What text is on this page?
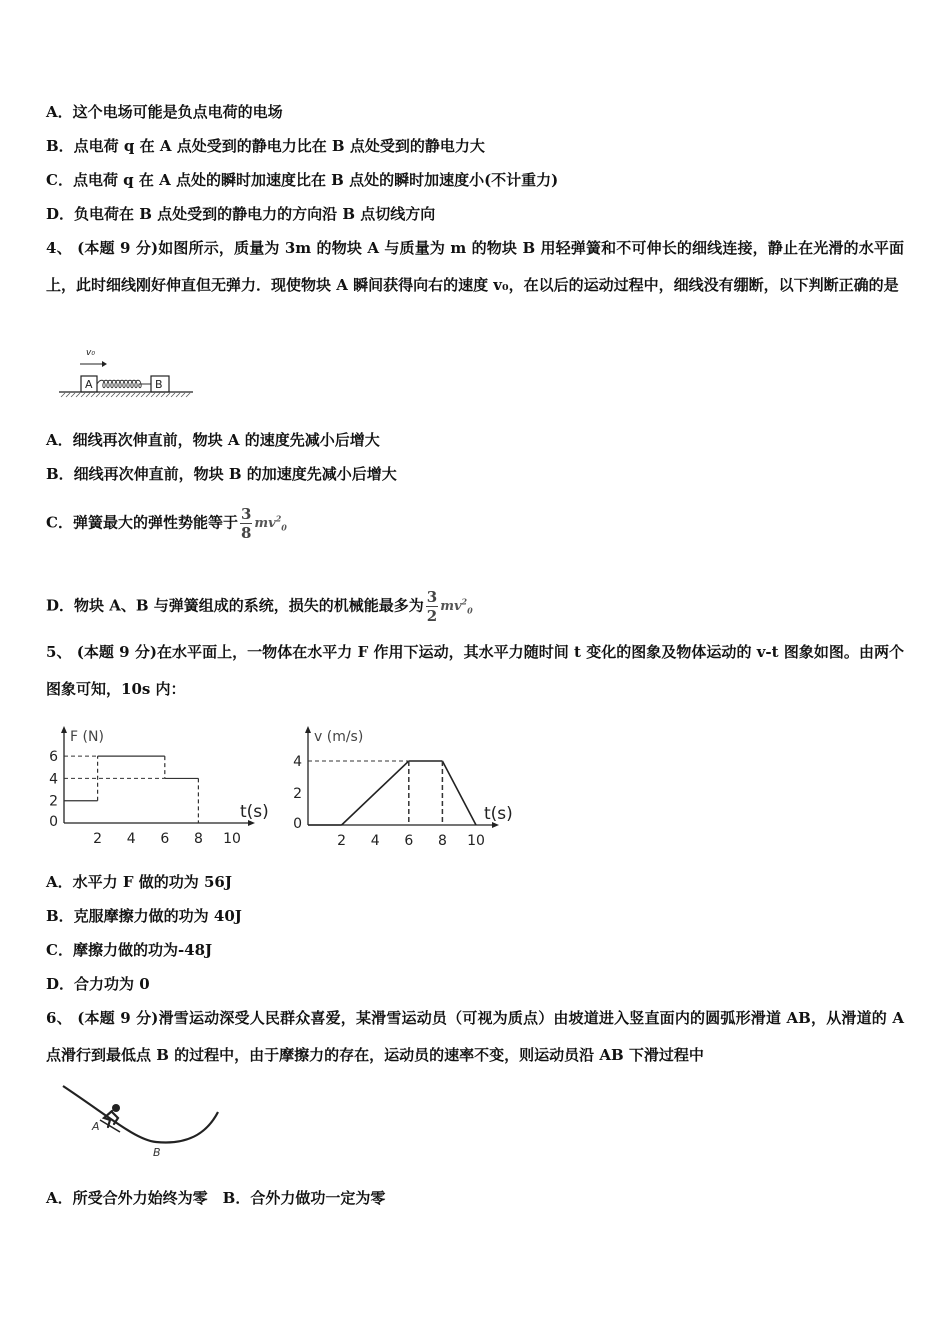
A．这个电场可能是负点电荷的电场
B．点电荷 q 在 A 点处受到的静电力比在 B 点处受到的静电力大
C．点电荷 q 在 A 点处的瞬时加速度比在 B 点处的瞬时加速度小(不计重力)
D．负电荷在 B 点处受到的静电力的方向沿 B 点切线方向
4、 (本题 9 分)如图所示，质量为 3m 的物块 A 与质量为 m 的物块 B 用轻弹簧和不可伸长的细线连接，静止在光滑的水平面上，此时细线刚好伸直但无弹力．现使物块 A 瞬间获得向右的速度 v₀，在以后的运动过程中，细线没有绷断，以下判断正确的是
v₀
A	B
A．细线再次伸直前，物块 A 的速度先减小后增大
B．细线再次伸直前，物块 B 的加速度先减小后增大
C．弹簧最大的弹性势能等于 $\frac{3}{8} mv^2_0$
D．物块 A、B 与弹簧组成的系统，损失的机械能最多为 $\frac{3}{2} mv^2_0$
5、 (本题 9 分)在水平面上，一物体在水平力 F 作用下运动，其水平力随时间 t 变化的图象及物体运动的 v-t 图象如图。由两个图象可知，10s 内：
F (N)
t(s)
2 4 6 8 10
0
2
4
6
v (m/s)
t(s)
2 4 6 8 10
0
2
4
A．水平力 F 做的功为 56J
B．克服摩擦力做的功为 40J
C．摩擦力做的功为-48J
D．合力功为 0
6、 (本题 9 分)滑雪运动深受人民群众喜爱，某滑雪运动员（可视为质点）由坡道进入竖直面内的圆弧形滑道 AB，从滑道的 A 点滑行到最低点 B 的过程中，由于摩擦力的存在，运动员的速率不变，则运动员沿 AB 下滑过程中
A
B
A．所受合外力始终为零　B．合外力做功一定为零
